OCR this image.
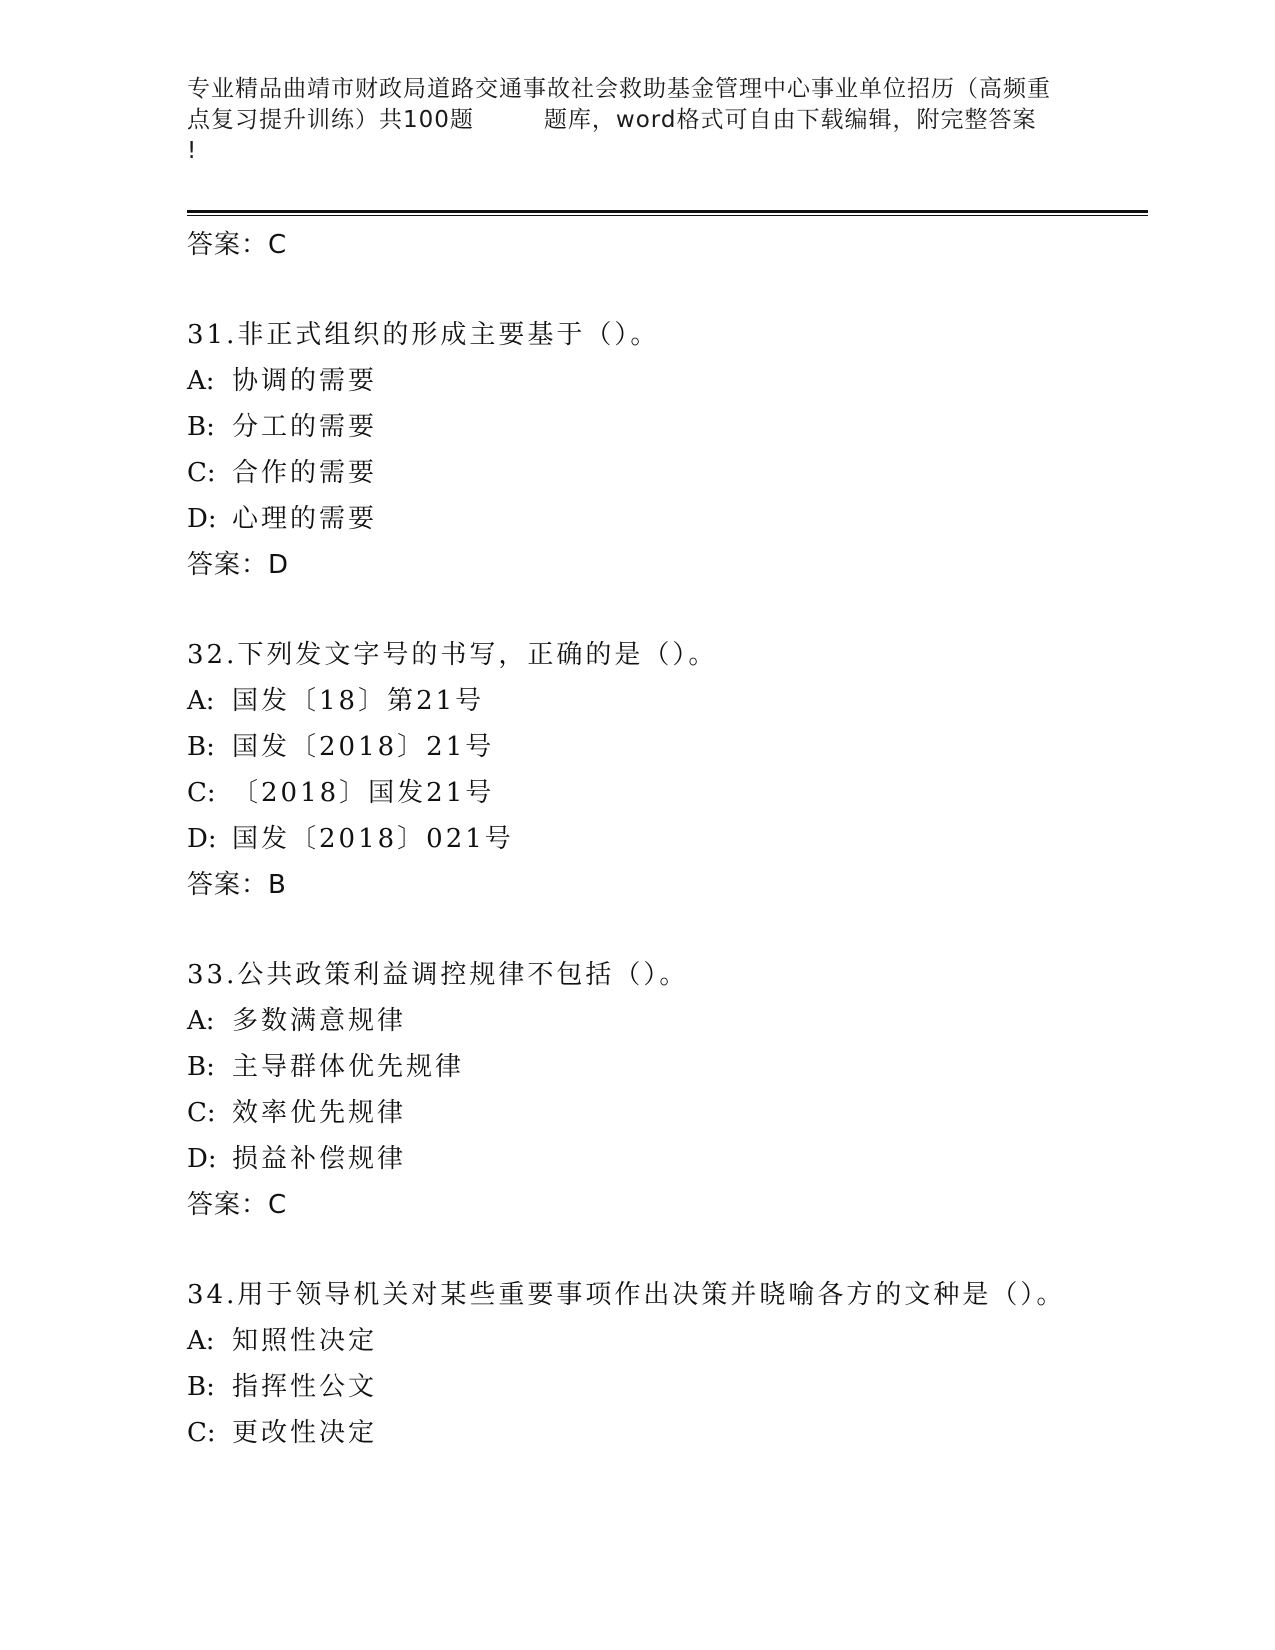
专业精品曲靖市财政局道路交通事故社会救助基金管理中心事业单位招历（高频重
点复习提升训练）共100题	题库，word格式可自由下载编辑，附完整答案
!
答案：C
31.非正式组织的形成主要基于（）。
A: 协调的需要
B: 分工的需要
C: 合作的需要
D: 心理的需要
答案：D
32.下列发文字号的书写，正确的是（）。
A: 国发〔18〕第21号
B: 国发〔2018〕21号
C: 〔2018〕国发21号
D: 国发〔2018〕021号
答案：B
33.公共政策利益调控规律不包括（）。
A: 多数满意规律
B: 主导群体优先规律
C: 效率优先规律
D: 损益补偿规律
答案：C
34.用于领导机关对某些重要事项作出决策并晓喻各方的文种是（）。
A: 知照性决定
B: 指挥性公文
C: 更改性决定
